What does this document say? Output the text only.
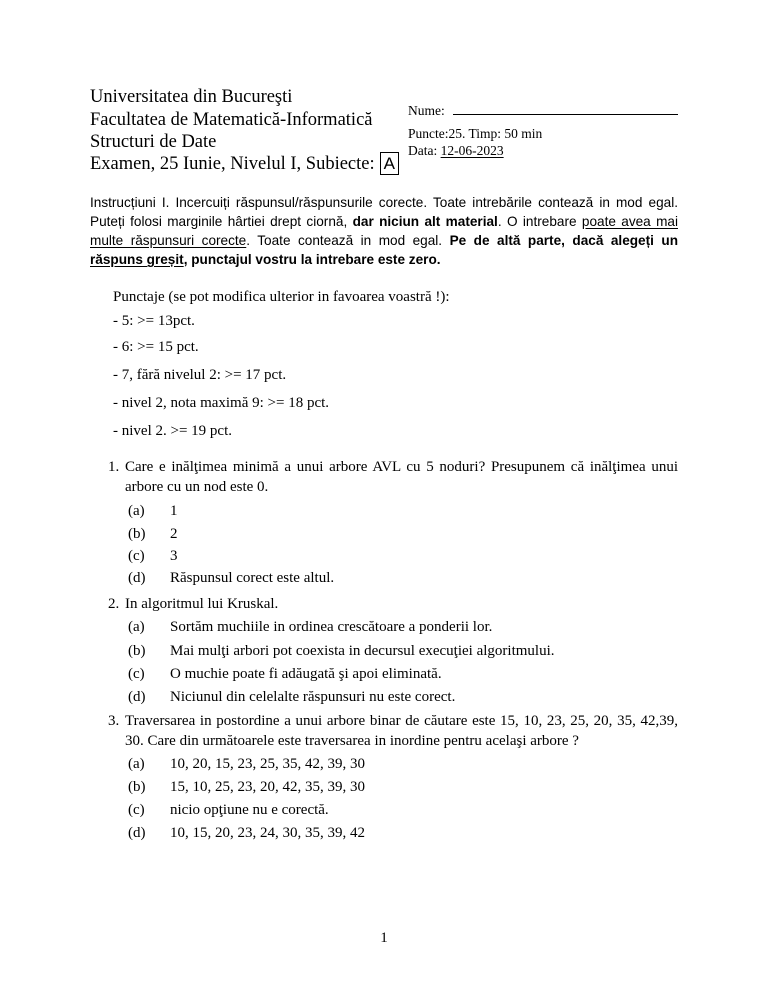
Universitatea din Bucureşti
Facultatea de Matematică-Informatică
Structuri de Date
Examen, 25 Iunie, Nivelul I, Subiecte: A
Nume:
Puncte:25. Timp: 50 min
Data: 12-06-2023
Instrucțiuni I. Incercuiți răspunsul/răspunsurile corecte. Toate intrebările contează in mod egal.
Puteți folosi marginile hârtiei drept ciornă, dar niciun alt material. O intrebare poate avea mai
multe răspunsuri corecte. Toate contează in mod egal. Pe de altă parte, dacă alegeți un
răspuns greșit, punctajul vostru la intrebare este zero.
Punctaje (se pot modifica ulterior in favoarea voastră !):
- 5: >= 13pct.
- 6: >= 15 pct.
- 7, fără nivelul 2: >= 17 pct.
- nivel 2, nota maximă 9: >= 18 pct.
- nivel 2. >= 19 pct.
1. Care e inălţimea minimă a unui arbore AVL cu 5 noduri? Presupunem că inălţimea unui
arbore cu un nod este 0.
(a) 1
(b) 2
(c) 3
(d) Răspunsul corect este altul.
2. In algoritmul lui Kruskal.
(a) Sortăm muchiile in ordinea crescătoare a ponderii lor.
(b) Mai mulţi arbori pot coexista in decursul execuţiei algoritmului.
(c) O muchie poate fi adăugată şi apoi eliminată.
(d) Niciunul din celelalte răspunsuri nu este corect.
3. Traversarea in postordine a unui arbore binar de căutare este 15, 10, 23, 25, 20, 35, 42,39,
30. Care din următoarele este traversarea in inordine pentru acelaşi arbore ?
(a) 10, 20, 15, 23, 25, 35, 42, 39, 30
(b) 15, 10, 25, 23, 20, 42, 35, 39, 30
(c) nicio opţiune nu e corectă.
(d) 10, 15, 20, 23, 24, 30, 35, 39, 42
1
